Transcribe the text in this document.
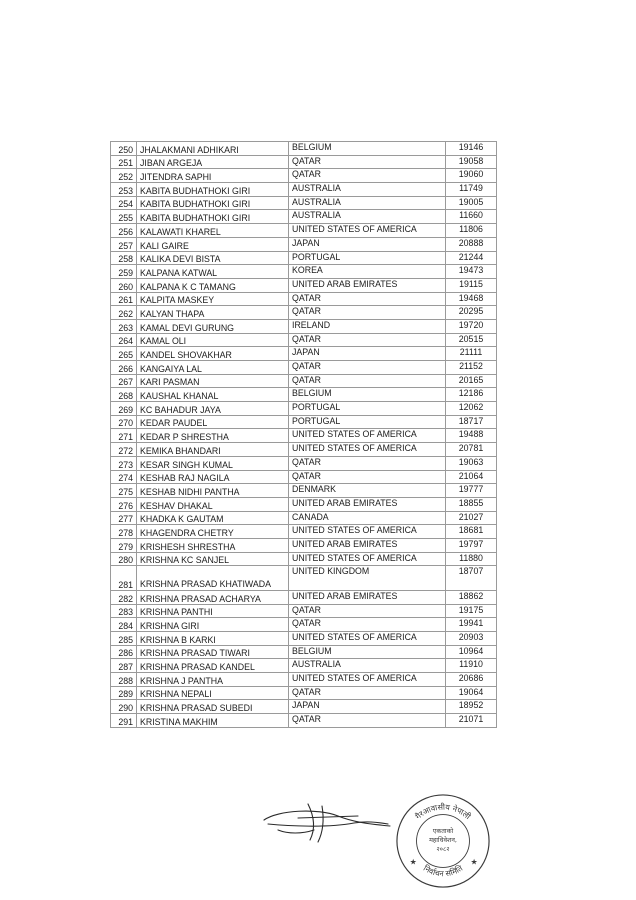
250	JHALAKMANI ADHIKARI	BELGIUM	19146
251	JIBAN ARGEJA	QATAR	19058
252	JITENDRA SAPHI	QATAR	19060
253	KABITA BUDHATHOKI GIRI	AUSTRALIA	11749
254	KABITA BUDHATHOKI GIRI	AUSTRALIA	19005
255	KABITA BUDHATHOKI GIRI	AUSTRALIA	11660
256	KALAWATI KHAREL	UNITED STATES OF AMERICA	11806
257	KALI GAIRE	JAPAN	20888
258	KALIKA DEVI BISTA	PORTUGAL	21244
259	KALPANA KATWAL	KOREA	19473
260	KALPANA K C TAMANG	UNITED ARAB EMIRATES	19115
261	KALPITA MASKEY	QATAR	19468
262	KALYAN THAPA	QATAR	20295
263	KAMAL DEVI GURUNG	IRELAND	19720
264	KAMAL OLI	QATAR	20515
265	KANDEL SHOVAKHAR	JAPAN	21111
266	KANGAIYA LAL	QATAR	21152
267	KARI PASMAN	QATAR	20165
268	KAUSHAL KHANAL	BELGIUM	12186
269	KC BAHADUR JAYA	PORTUGAL	12062
270	KEDAR PAUDEL	PORTUGAL	18717
271	KEDAR P SHRESTHA	UNITED STATES OF AMERICA	19488
272	KEMIKA BHANDARI	UNITED STATES OF AMERICA	20781
273	KESAR SINGH KUMAL	QATAR	19063
274	KESHAB RAJ NAGILA	QATAR	21064
275	KESHAB NIDHI PANTHA	DENMARK	19777
276	KESHAV DHAKAL	UNITED ARAB EMIRATES	18855
277	KHADKA K GAUTAM	CANADA	21027
278	KHAGENDRA CHETRY	UNITED STATES OF AMERICA	18681
279	KRISHESH SHRESTHA	UNITED ARAB EMIRATES	19797
280	KRISHNA KC SANJEL	UNITED STATES OF AMERICA	11880
281	KRISHNA PRASAD KHATIWADA	UNITED KINGDOM	18707
282	KRISHNA PRASAD ACHARYA	UNITED ARAB EMIRATES	18862
283	KRISHNA PANTHI	QATAR	19175
284	KRISHNA GIRI	QATAR	19941
285	KRISHNA B KARKI	UNITED STATES OF AMERICA	20903
286	KRISHNA PRASAD TIWARI	BELGIUM	10964
287	KRISHNA PRASAD KANDEL	AUSTRALIA	11910
288	KRISHNA J PANTHA	UNITED STATES OF AMERICA	20686
289	KRISHNA NEPALI	QATAR	19064
290	KRISHNA PRASAD SUBEDI	JAPAN	18952
291	KRISTINA MAKHIM	QATAR	21071
गैरआवासीय नेपाली
निर्वाचन समिति
एकताको
महाधिवेशन,
२०८२
★	★
